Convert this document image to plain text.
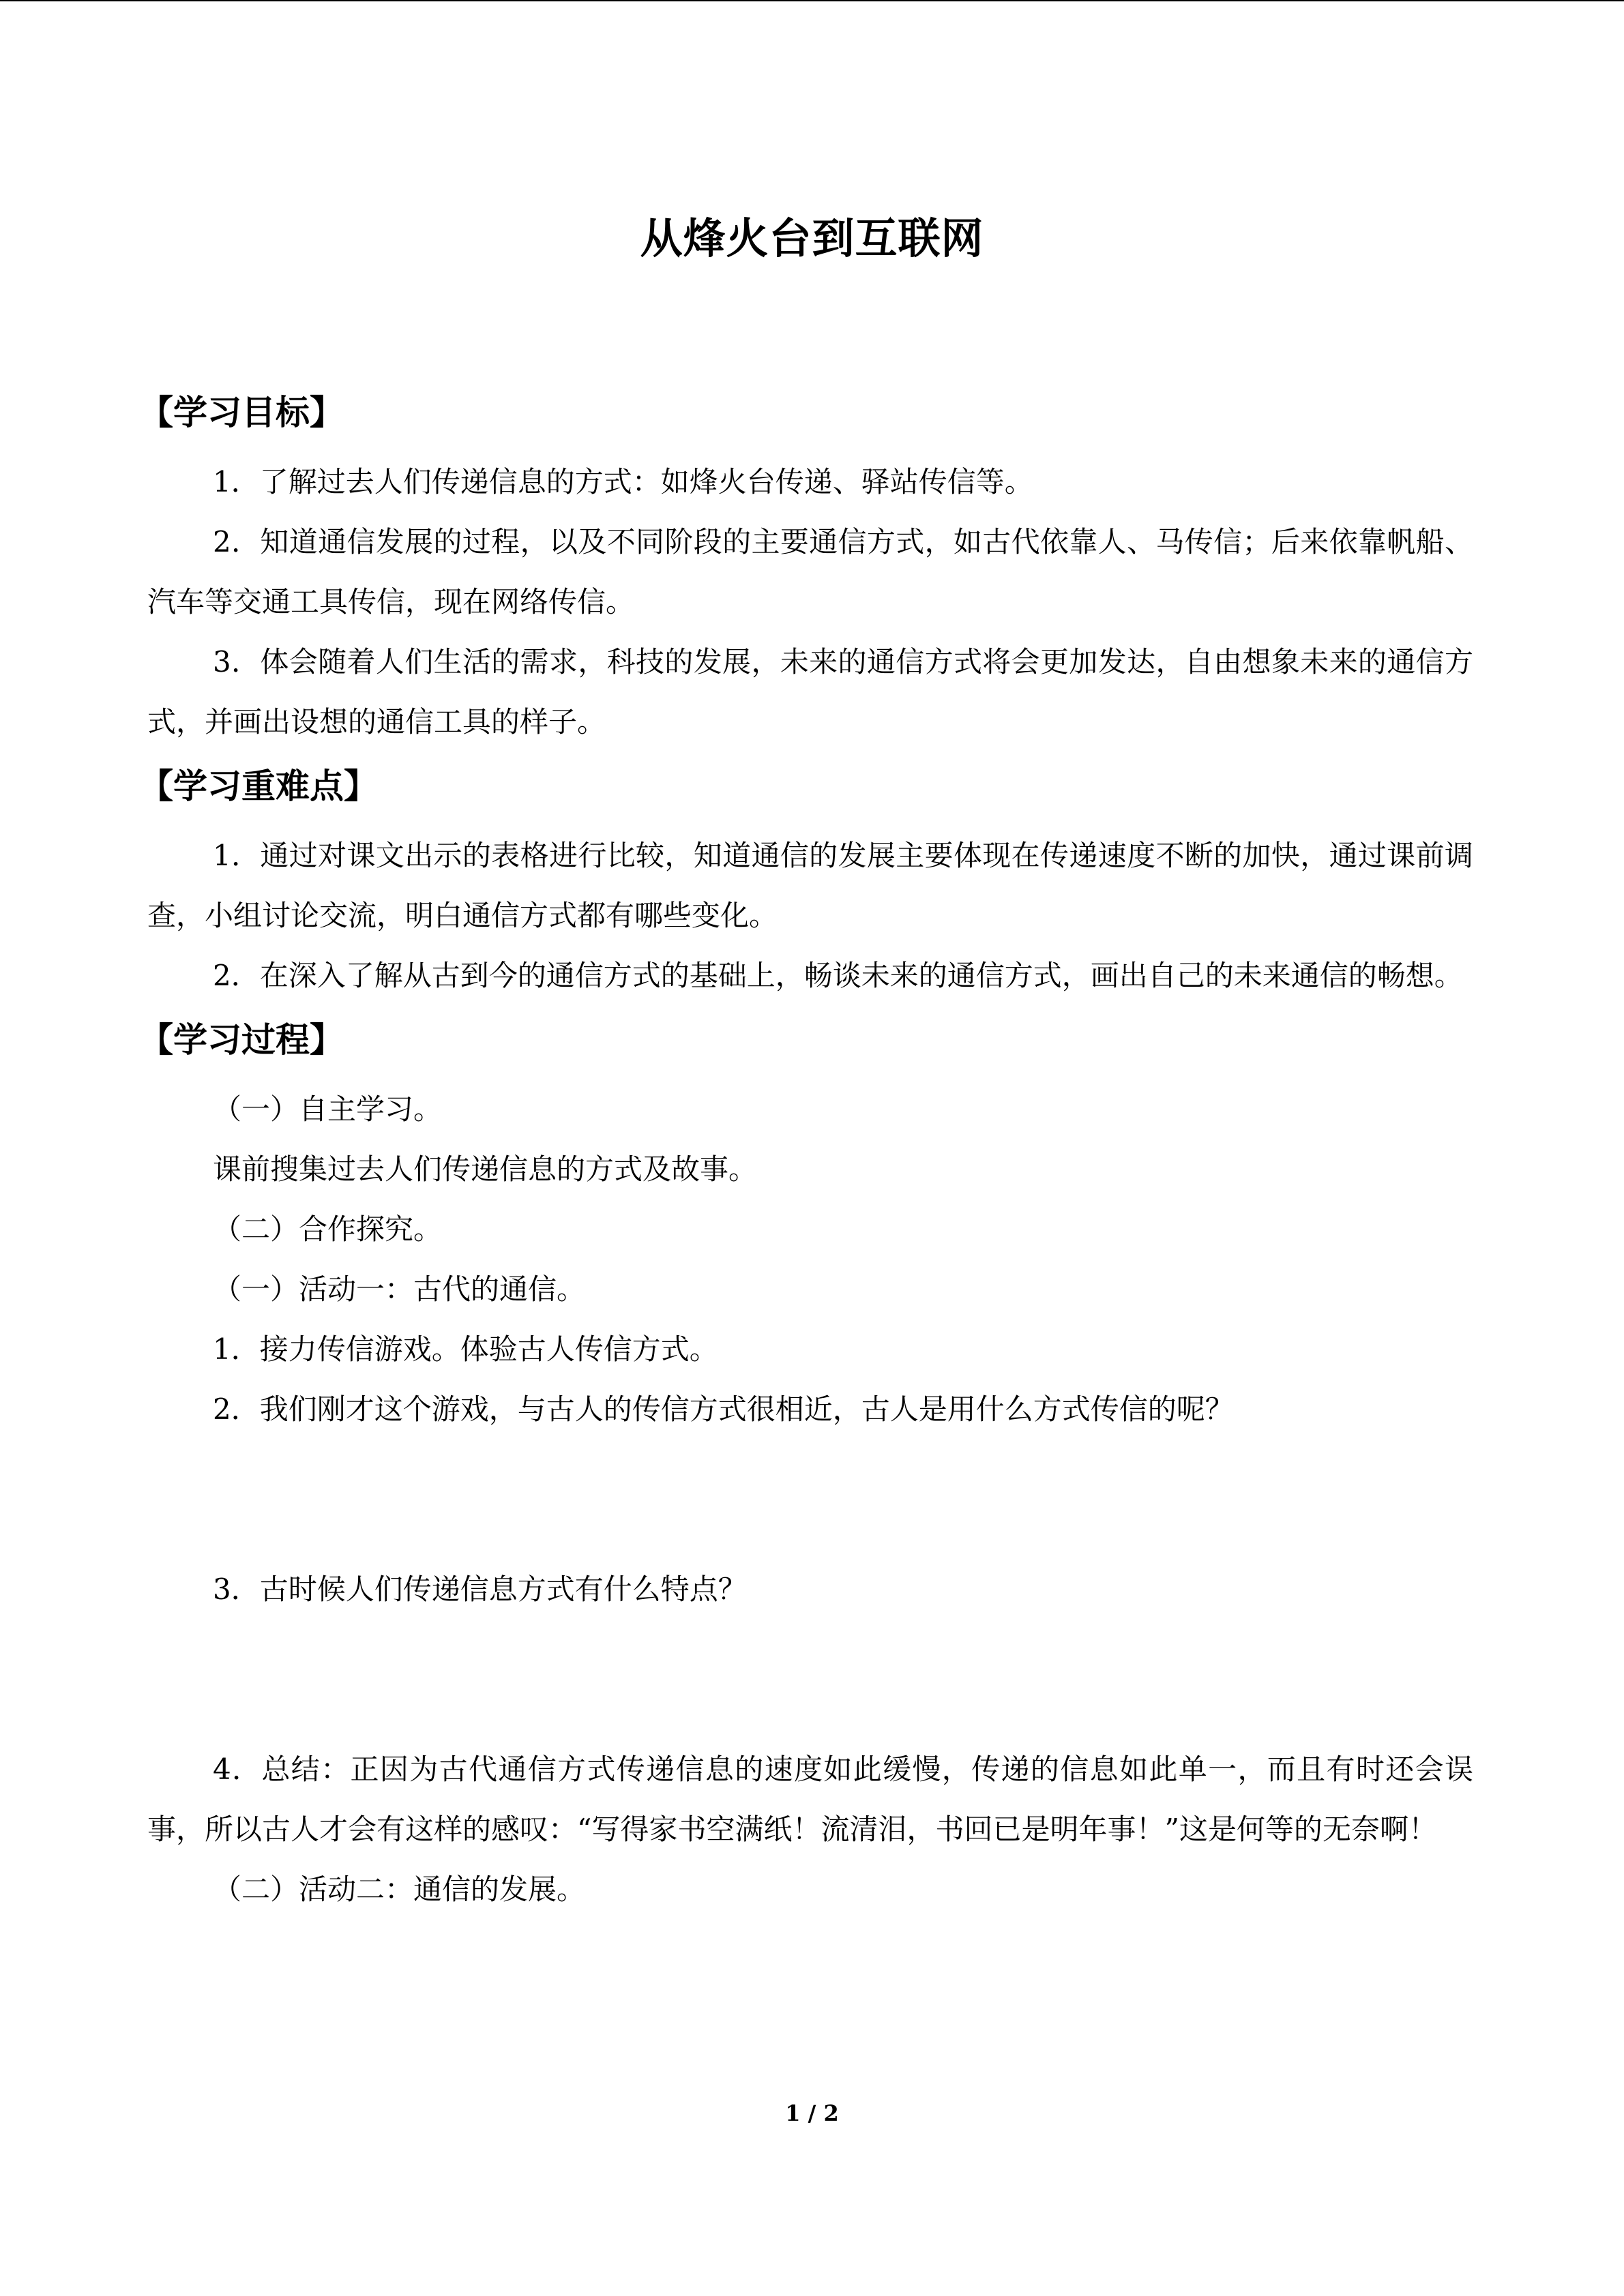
从烽火台到互联网
【学习目标】

1．了解过去人们传递信息的方式：如烽火台传递、驿站传信等。

2．知道通信发展的过程，以及不同阶段的主要通信方式，如古代依靠人、马传信；后来依靠帆船、汽车等交通工具传信，现在网络传信。

3．体会随着人们生活的需求，科技的发展，未来的通信方式将会更加发达，自由想象未来的通信方式，并画出设想的通信工具的样子。

【学习重难点】

1．通过对课文出示的表格进行比较，知道通信的发展主要体现在传递速度不断的加快，通过课前调查，小组讨论交流，明白通信方式都有哪些变化。

2．在深入了解从古到今的通信方式的基础上，畅谈未来的通信方式，画出自己的未来通信的畅想。

【学习过程】

（一）自主学习。

课前搜集过去人们传递信息的方式及故事。

（二）合作探究。

（一）活动一：古代的通信。

1．接力传信游戏。体验古人传信方式。

2．我们刚才这个游戏，与古人的传信方式很相近，古人是用什么方式传信的呢？

3．古时候人们传递信息方式有什么特点？

4．总结：正因为古代通信方式传递信息的速度如此缓慢，传递的信息如此单一，而且有时还会误事，所以古人才会有这样的感叹：“写得家书空满纸！流清泪，书回已是明年事！”这是何等的无奈啊！

（二）活动二：通信的发展。

1 / 2
